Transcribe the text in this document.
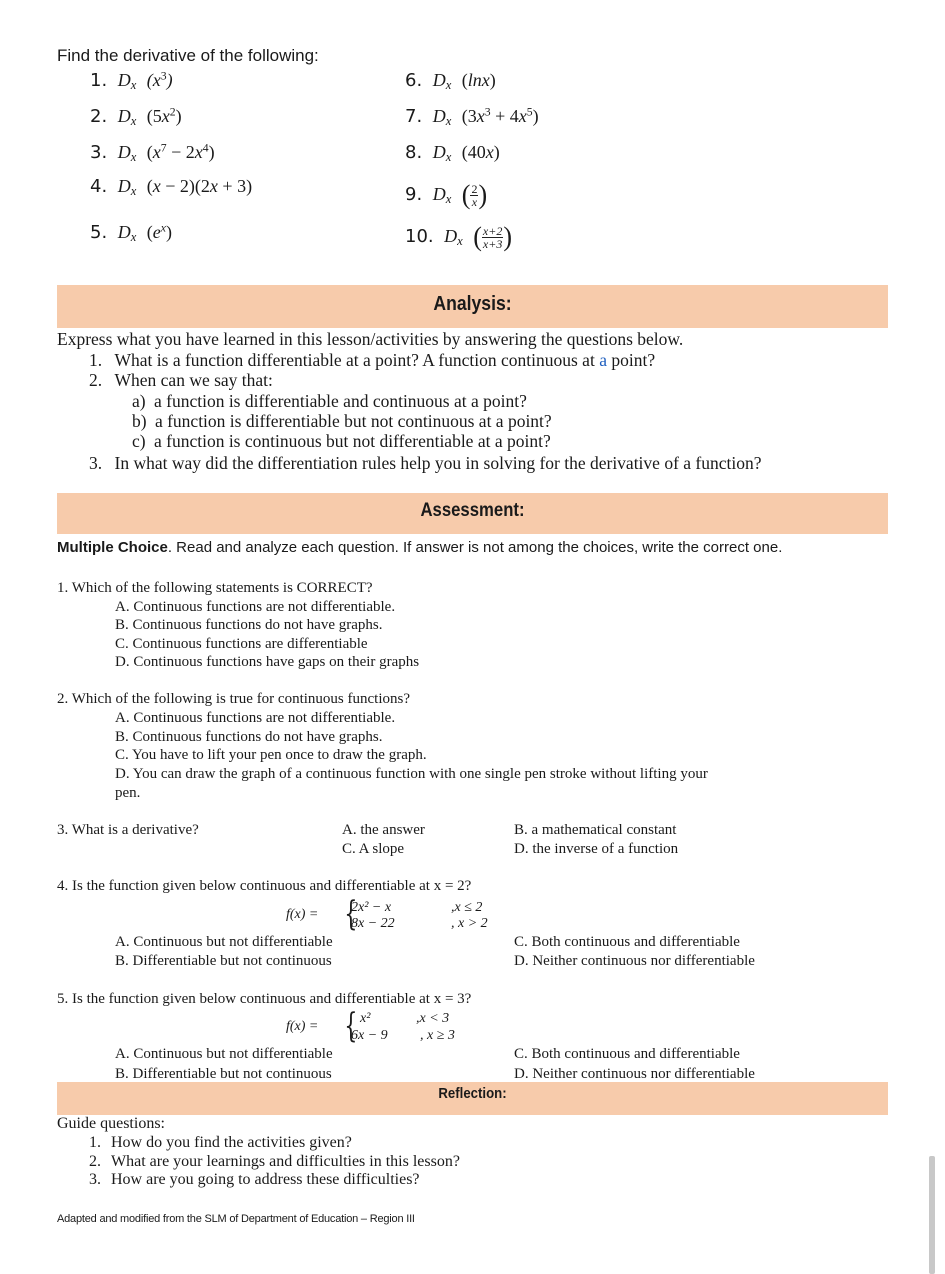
Find the derivative of the following:
1. $D_x$ $(x^3)$
2. $D_x$ $(5x^2)$
3. $D_x$ $(x^7 - 2x^4)$
4. $D_x$ (x − 2)(2x + 3)
5. $D_x$ $(e^x)$
6. $D_x$ (lnx)
7. $D_x$ $(3x^3 + 4x^5)$
8. $D_x$ (40x)
9. $D_x$ ( $\frac{2}{x}$ )
10. $D_x$ ( $\frac{x+2}{x+3}$ )
Analysis:
Express what you have learned in this lesson/activities by answering the questions below.
1. What is a function differentiable at a point? A function continuous at a point?
2. When can we say that:
a) a function is differentiable and continuous at a point?
b) a function is differentiable but not continuous at a point?
c) a function is continuous but not differentiable at a point?
3. In what way did the differentiation rules help you in solving for the derivative of a function?
Assessment:
Multiple Choice. Read and analyze each question. If answer is not among the choices, write the correct one.
1. Which of the following statements is CORRECT?
A. Continuous functions are not differentiable.
B. Continuous functions do not have graphs.
C. Continuous functions are differentiable
D. Continuous functions have gaps on their graphs
2. Which of the following is true for continuous functions?
A. Continuous functions are not differentiable.
B. Continuous functions do not have graphs.
C. You have to lift your pen once to draw the graph.
D. You can draw the graph of a continuous function with one single pen stroke without lifting your
pen.
3. What is a derivative?	A. the answer	B. a mathematical constant
C. A slope	D. the inverse of a function
4. Is the function given below continuous and differentiable at x = 2?
f(x) = {
2x² − x	,x ≤ 2
8x − 22	, x > 2
A. Continuous but not differentiable
B. Differentiable but not continuous
C. Both continuous and differentiable
D. Neither continuous nor differentiable
5. Is the function given below continuous and differentiable at x = 3?
f(x) = { x²	,x < 3
6x − 9 , x ≥ 3
A. Continuous but not differentiable
B. Differentiable but not continuous
C. Both continuous and differentiable
D. Neither continuous nor differentiable
Reflection:
Guide questions:
1. How do you find the activities given?
2. What are your learnings and difficulties in this lesson?
3. How are you going to address these difficulties?
Adapted and modified from the SLM of Department of Education – Region III
